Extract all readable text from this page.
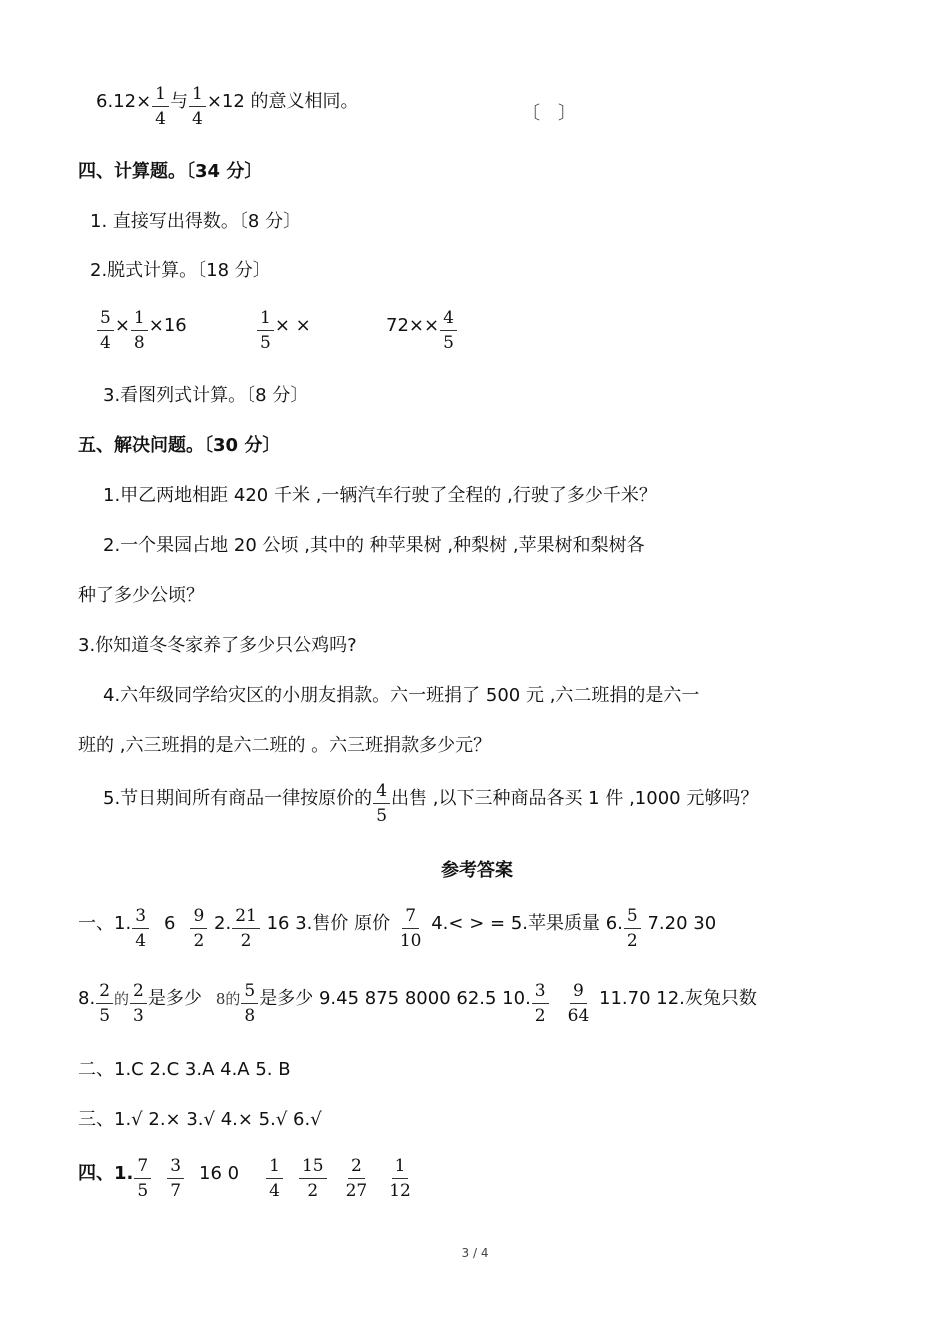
$6.12\times \frac{1}{4}$ 与 $\frac{1}{4} \times 12$ 的意义相同。
〔　〕
四、计算题。〔34 分〕
1. 直接写出得数。〔8 分〕
2.脱式计算。〔18 分〕
$\frac{5}{4} \times \frac{1}{8} \times 16$	$\frac{1}{5}$ × ×	$72\times\times \frac{4}{5}$
3.看图列式计算。〔8 分〕
五、解决问题。〔30 分〕
1.甲乙两地相距 420 千米 ,一辆汽车行驶了全程的 ,行驶了多少千米？
2.一个果园占地 20 公顷 ,其中的 种苹果树 ,种梨树 ,苹果树和梨树各
种了多少公顷？
3.你知道冬冬家养了多少只公鸡吗?
4.六年级同学给灾区的小朋友捐款。六一班捐了 500 元 ,六二班捐的是六一
班的 ,六三班捐的是六二班的 。六三班捐款多少元？
5.节日期间所有商品一律按原价的 $\frac{4}{5}$ 出售 ,以下三种商品各买 1 件 ,1000 元够吗？
参考答案
一、1. $\frac{3}{4} 6 \frac{9}{2} 2$. $\frac{21}{2} 16$ 3.售价 原价 $\frac{7}{10} 4.<$ > = 5.苹果质量 6. $\frac{5}{2} 7.20$ 30
8. $\frac{2}{5}$ 的 $\frac{2}{3}$ 是多少 8的 $\frac{5}{8}$ 是多少 9.45 875 8000 62.5 10. $\frac{3}{2} \frac{9}{64} 11.70$ 12.灰兔只数
二、1.C 2.C 3.A 4.A 5. B
三、1.√ 2.× 3.√ 4.× 5.√ 6.√
四、1. $\frac{7}{5} \frac{3}{7} 16$ $0 \frac{1}{4} \frac{15}{2} \frac{2}{27} \frac{1}{12}$
3 / 4
